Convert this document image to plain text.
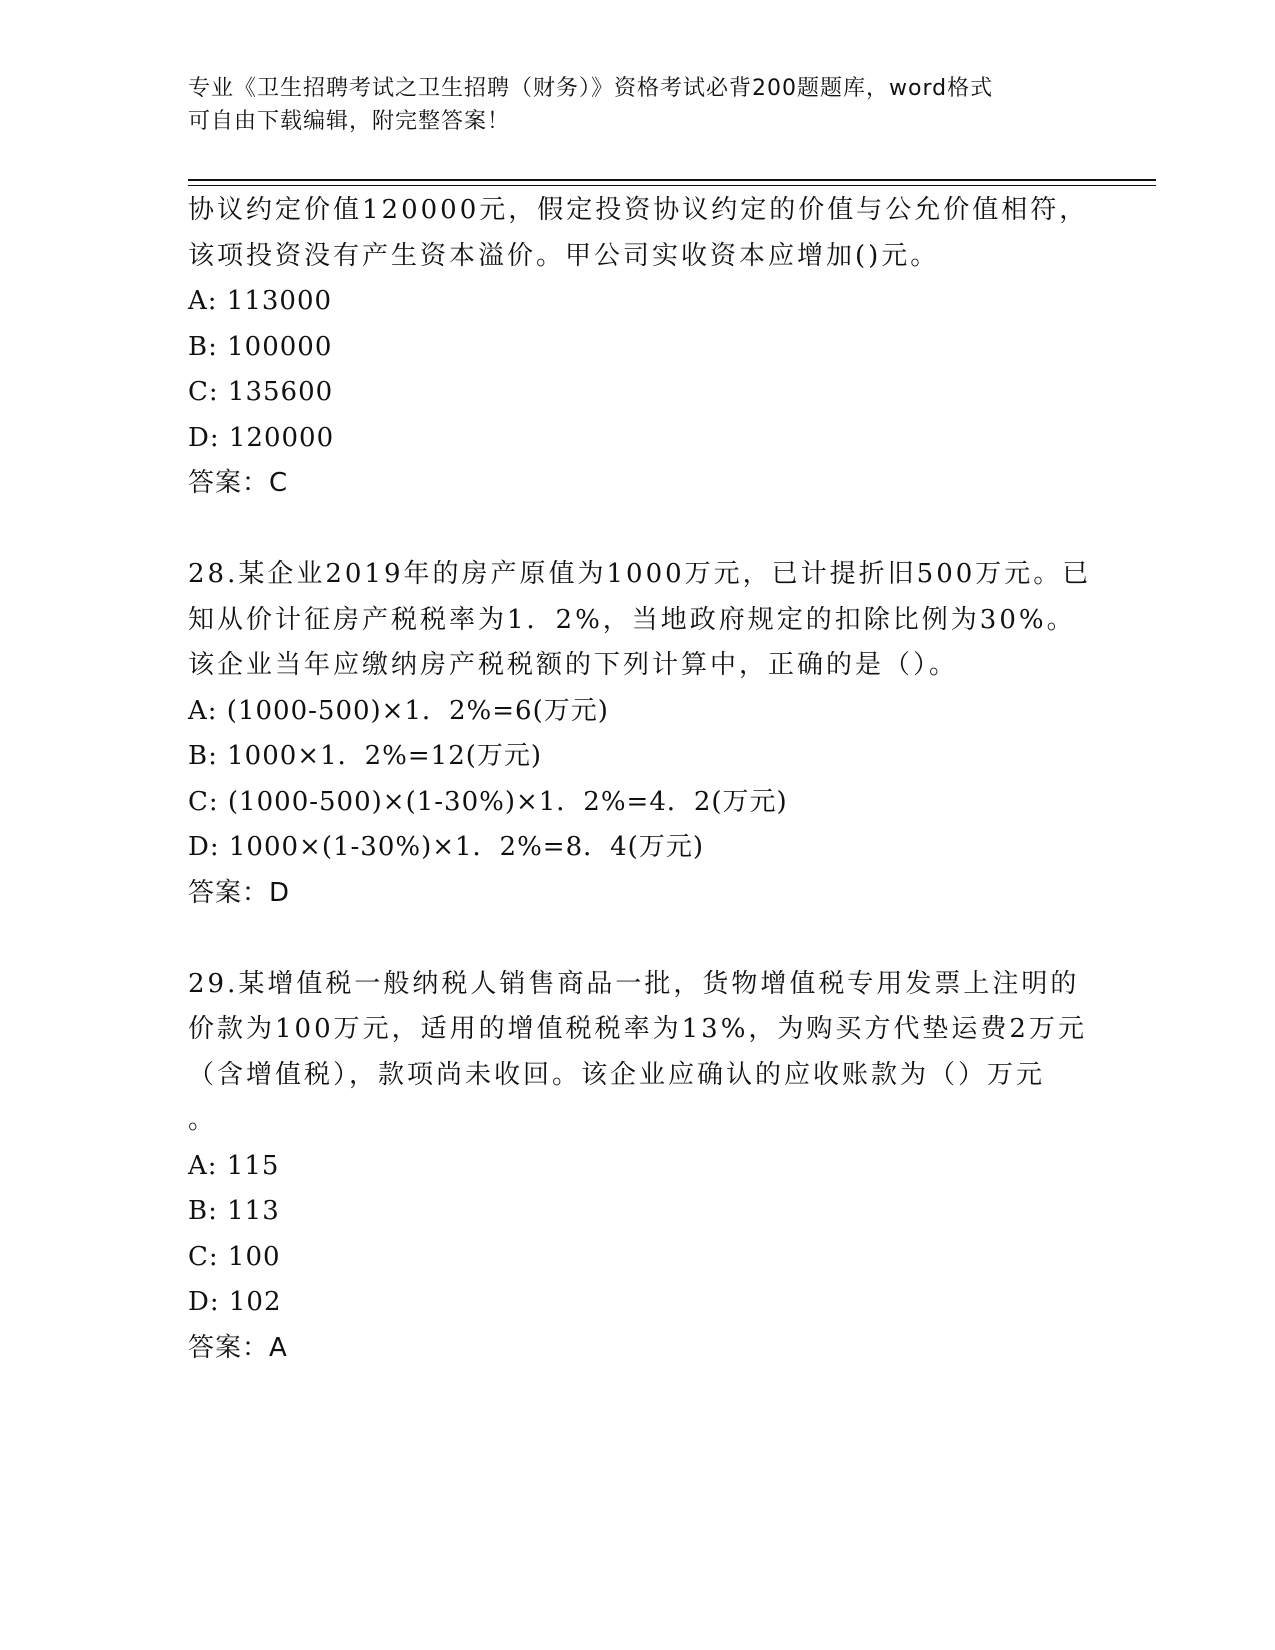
专业《卫生招聘考试之卫生招聘（财务）》资格考试必背200题题库，word格式
可自由下载编辑，附完整答案！
协议约定价值120000元，假定投资协议约定的价值与公允价值相符，
该项投资没有产生资本溢价。甲公司实收资本应增加()元。
A: 113000
B: 100000
C: 135600
D: 120000
答案：C
28.某企业2019年的房产原值为1000万元，已计提折旧500万元。已
知从价计征房产税税率为1．2%，当地政府规定的扣除比例为30%。
该企业当年应缴纳房产税税额的下列计算中，正确的是（）。
A: (1000-500)×1．2%=6(万元)
B: 1000×1．2%=12(万元)
C: (1000-500)×(1-30%)×1．2%=4．2(万元)
D: 1000×(1-30%)×1．2%=8．4(万元)
答案：D
29.某增值税一般纳税人销售商品一批，货物增值税专用发票上注明的
价款为100万元，适用的增值税税率为13%，为购买方代垫运费2万元
（含增值税），款项尚未收回。该企业应确认的应收账款为（）万元
。
A: 115
B: 113
C: 100
D: 102
答案：A
